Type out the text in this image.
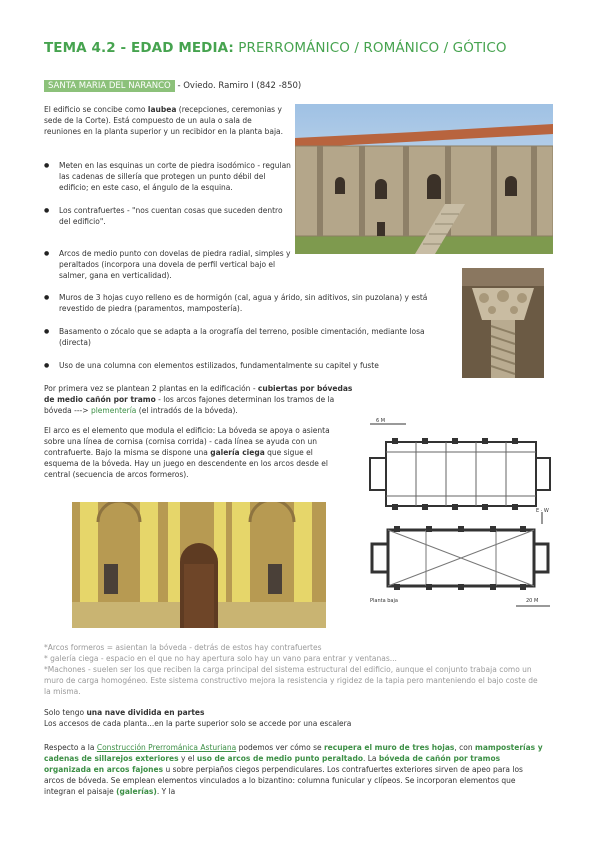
TEMA 4.2 - EDAD MEDIA: PRERROMÁNICO / ROMÁNICO / GÓTICO
SANTA MARIA DEL NARANCO - Oviedo. Ramiro I (842 -850)
El edificio se concibe como laubea (recepciones, ceremonias y sede de la Corte). Está compuesto de un aula o sala de reuniones en la planta superior y un recibidor en la planta baja.
● Meten en las esquinas un corte de piedra isodómico - regulan las cadenas de sillería que protegen un punto débil del edificio; en este caso, el ángulo de la esquina.
● Los contrafuertes - "nos cuentan cosas que suceden dentro del edificio".
● Arcos de medio punto con dovelas de piedra radial, simples y peraltados (incorpora una dovela de perfil vertical bajo el salmer, gana en verticalidad).
● Muros de 3 hojas cuyo relleno es de hormigón (cal, agua y árido, sin aditivos, sin puzolana) y está revestido de piedra (paramentos, mampostería).
● Basamento o zócalo que se adapta a la orografía del terreno, posible cimentación, mediante losa (directa)
● Uso de una columna con elementos estilizados, fundamentalmente su capitel y fuste
Por primera vez se plantean 2 plantas en la edificación - cubiertas por bóvedas de medio cañón por tramo - los arcos fajones determinan los tramos de la bóveda ---> plementería (el intradós de la bóveda).
El arco es el elemento que modula el edificio: La bóveda se apoya o asienta sobre una línea de cornisa (cornisa corrida) - cada línea se ayuda con un contrafuerte. Bajo la misma se dispone una galería ciega que sigue el esquema de la bóveda. Hay un juego en descendente en los arcos desde el central (secuencia de arcos formeros).
6 M
E · W
Planta baja	20 M
*Arcos formeros = asientan la bóveda - detrás de estos hay contrafuertes
* galería ciega - espacio en el que no hay apertura solo hay un vano para entrar y ventanas...
*Machones - suelen ser los que reciben la carga principal del sistema estructural del edificio, aunque el conjunto trabaja como un muro de carga homogéneo. Este sistema constructivo mejora la resistencia y rigidez de la tapia pero manteniendo el bajo coste de la misma.
Solo tengo una nave dividida en partes
Los accesos de cada planta...en la parte superior solo se accede por una escalera
Respecto a la Construcción Prerrománica Asturiana podemos ver cómo se recupera el muro de tres hojas, con mamposterías y cadenas de sillarejos exteriores y el uso de arcos de medio punto peraltado. La bóveda de cañón por tramos organizada en arcos fajones u sobre perpiaños ciegos perpendiculares. Los contrafuertes exteriores sirven de apeo para los arcos de bóveda. Se emplean elementos vinculados a lo bizantino: columna funicular y clípeos. Se incorporan elementos que integran el paisaje (galerías). Y la
